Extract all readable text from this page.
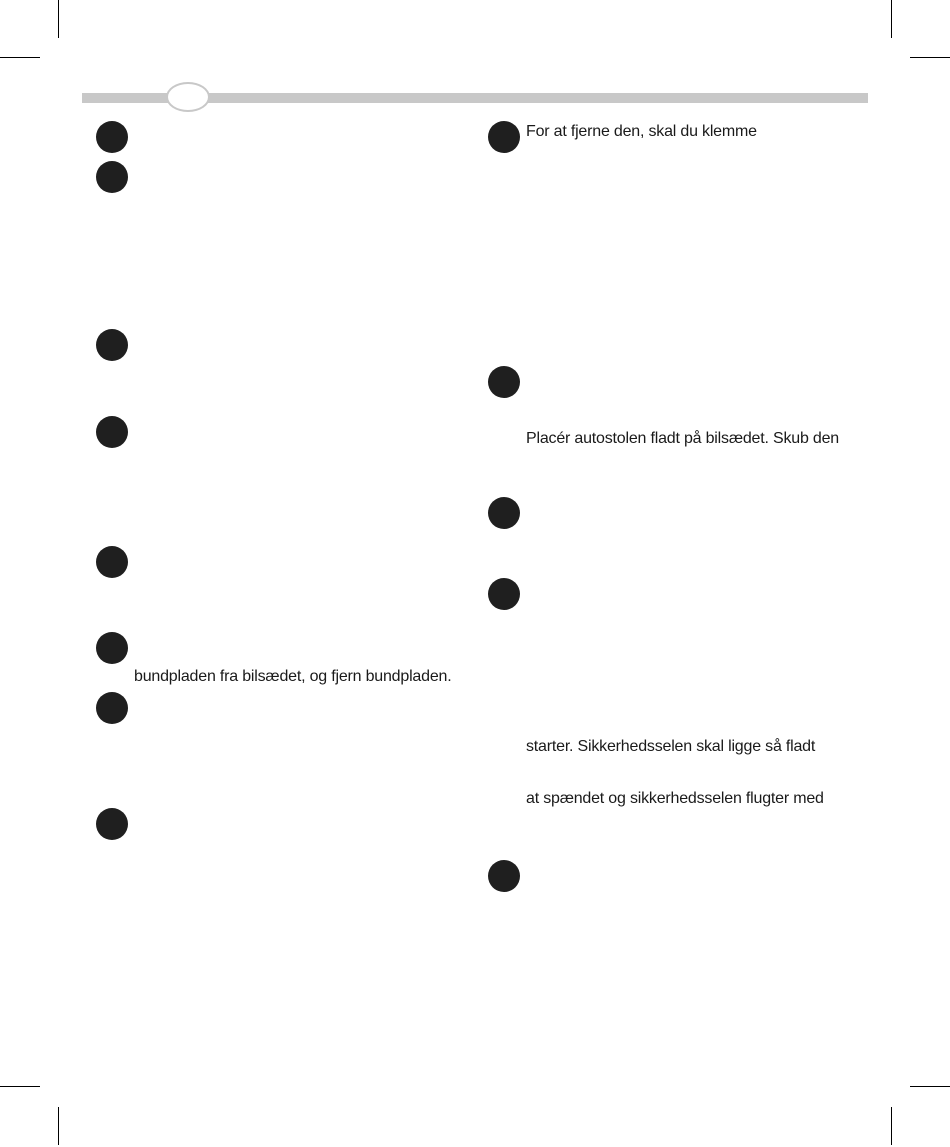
bundpladen fra bilsædet, og fjern bundpladen.
For at fjerne den, skal du klemme
Placér autostolen fladt på bilsædet. Skub den
starter. Sikkerhedsselen skal ligge så fladt
at spændet og sikkerhedsselen flugter med
